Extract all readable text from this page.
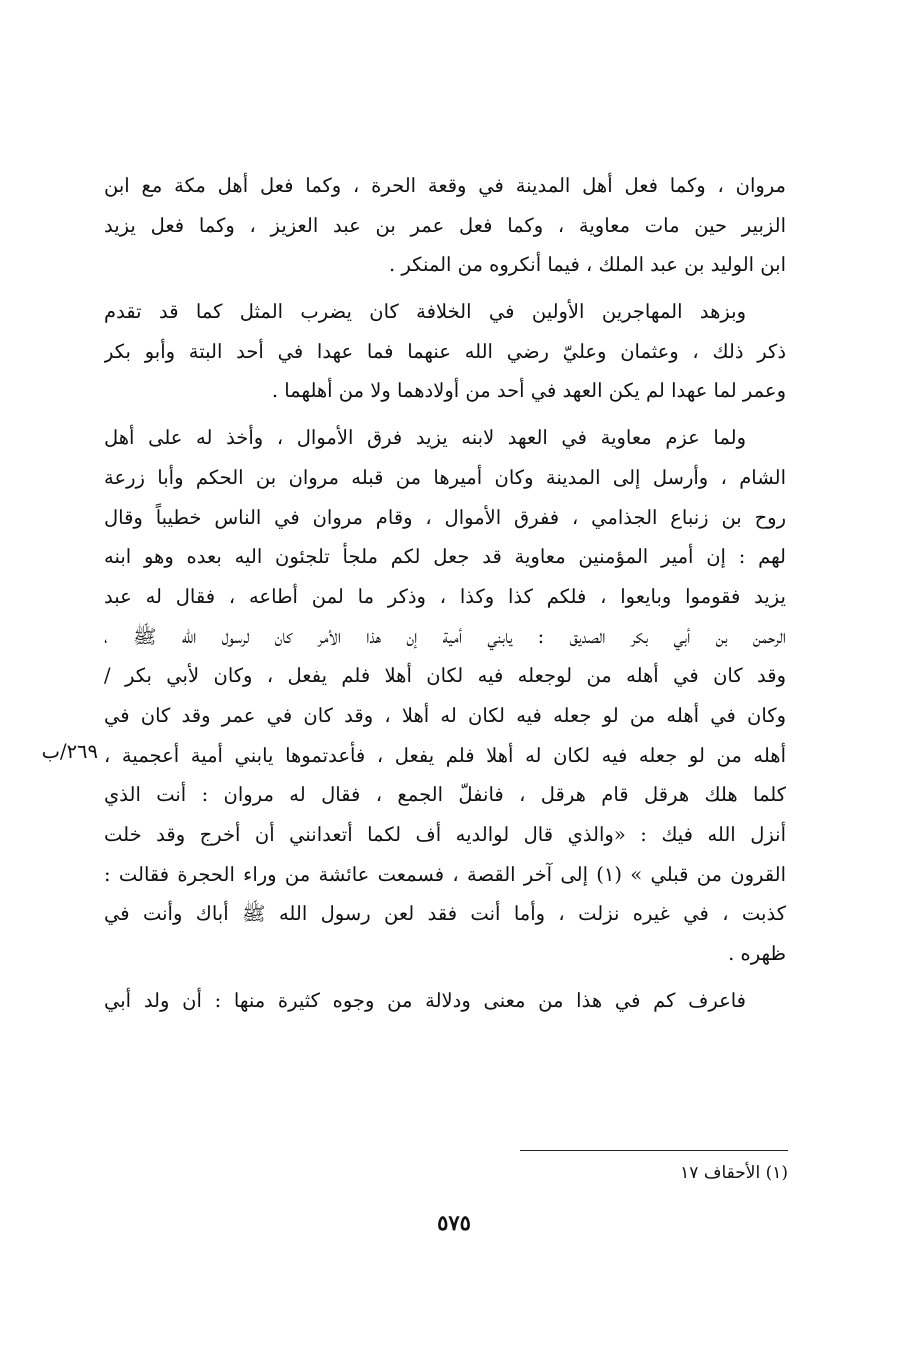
مروان ، وكما فعل أهل المدينة في وقعة الحرة ، وكما فعل أهل مكة مع ابن
الزبير حين مات معاوية ، وكما فعل عمر بن عبد العزيز ، وكما فعل يزيد
ابن الوليد بن عبد الملك ، فيما أنكروه من المنكر .
وبزهد المهاجرين الأولين في الخلافة كان يضرب المثل كما قد تقدم
ذكر ذلك ، وعثمان وعليّ رضي الله عنهما فما عهدا في أحد البتة وأبو بكر
وعمر لما عهدا لم يكن العهد في أحد من أولادهما ولا من أهلهما .
ولما عزم معاوية في العهد لابنه يزيد فرق الأموال ، وأخذ له على أهل
الشام ، وأرسل إلى المدينة وكان أميرها من قبله مروان بن الحكم وأبا زرعة
روح بن زنباع الجذامي ، ففرق الأموال ، وقام مروان في الناس خطيباً وقال
لهم : إن أمير المؤمنين معاوية قد جعل لكم ملجأ تلجئون اليه بعده وهو ابنه
يزيد فقوموا وبايعوا ، فلكم كذا وكذا ، وذكر ما لمن أطاعه ، فقال له عبد
الرحمن بن أبي بكر الصديق : يابني أمية إن هذا الأمر كان لرسول الله ﷺ ،
وقد كان في أهله من لوجعله فيه لكان أهلا فلم يفعل ، وكان لأبي بكر /
وكان في أهله من لو جعله فيه لكان له أهلا ، وقد كان في عمر وقد كان في
أهله من لو جعله فيه لكان له أهلا فلم يفعل ، فأعدتموها يابني أمية أعجمية ،
كلما هلك هرقل قام هرقل ، فانفلّ الجمع ، فقال له مروان : أنت الذي
أنزل الله فيك : «والذي قال لوالديه أف لكما أتعدانني أن أخرج وقد خلت
القرون من قبلي » (١) إلى آخر القصة ، فسمعت عائشة من وراء الحجرة فقالت :
كذبت ، في غيره نزلت ، وأما أنت فقد لعن رسول الله ﷺ أباك وأنت في
ظهره .
فاعرف كم في هذا من معنى ودلالة من وجوه كثيرة منها : أن ولد أبي
٢٦٩/ب
(١) الأحقاف ١٧
٥٧٥
